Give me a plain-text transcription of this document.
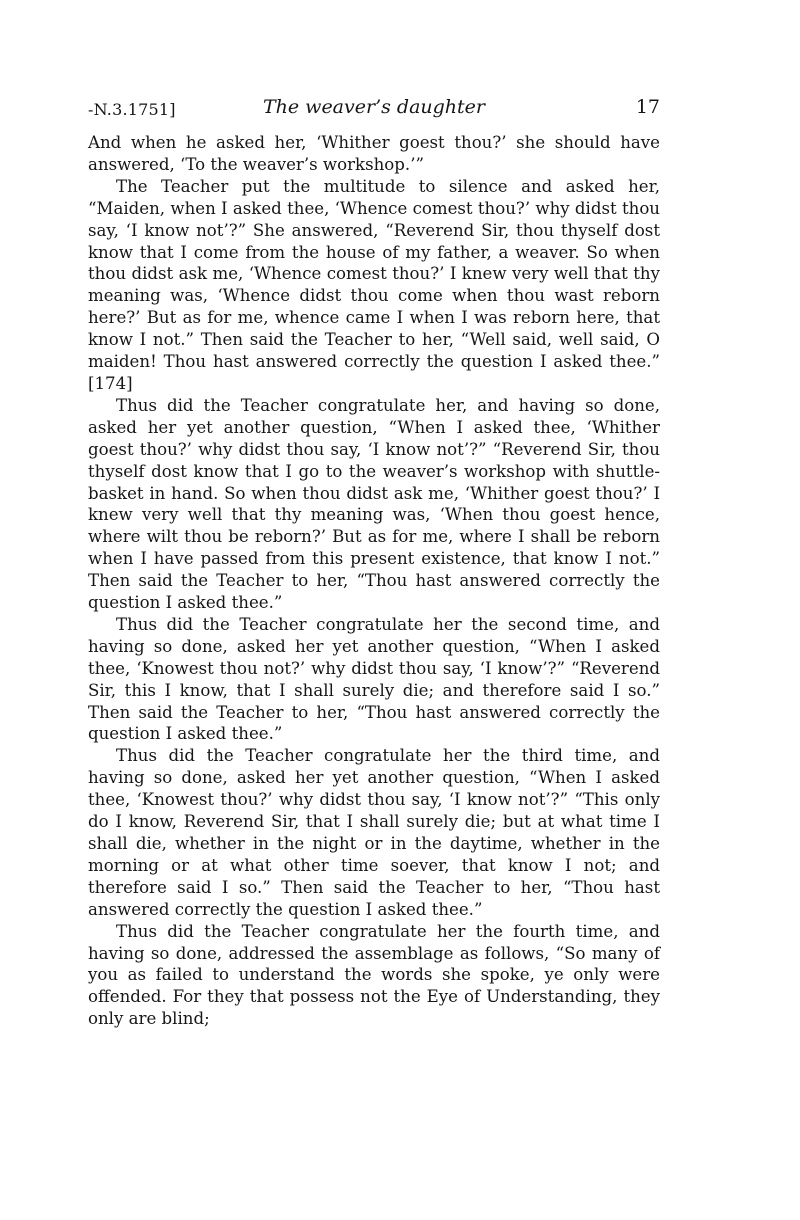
-N.3.1751]	The weaver’s daughter	17

And when he asked her, ‘Whither goest thou?’ she should have answered, ‘To the weaver’s workshop.’”

The Teacher put the multitude to silence and asked her, “Maiden, when I asked thee, ‘Whence comest thou?’ why didst thou say, ‘I know not’?” She answered, “Reverend Sir, thou thyself dost know that I come from the house of my father, a weaver. So when thou didst ask me, ‘Whence comest thou?’ I knew very well that thy meaning was, ‘Whence didst thou come when thou wast reborn here?’ But as for me, whence came I when I was reborn here, that know I not.” Then said the Teacher to her, “Well said, well said, O maiden! Thou hast answered correctly the question I asked thee.” [174]

Thus did the Teacher congratulate her, and having so done, asked her yet another question, “When I asked thee, ‘Whither goest thou?’ why didst thou say, ‘I know not’?” “Reverend Sir, thou thyself dost know that I go to the weaver’s workshop with shuttle-basket in hand. So when thou didst ask me, ‘Whither goest thou?’ I knew very well that thy meaning was, ‘When thou goest hence, where wilt thou be reborn?’ But as for me, where I shall be reborn when I have passed from this present existence, that know I not.” Then said the Teacher to her, “Thou hast answered correctly the question I asked thee.”

Thus did the Teacher congratulate her the second time, and having so done, asked her yet another question, “When I asked thee, ‘Knowest thou not?’ why didst thou say, ‘I know’?” “Reverend Sir, this I know, that I shall surely die; and therefore said I so.” Then said the Teacher to her, “Thou hast answered correctly the question I asked thee.”

Thus did the Teacher congratulate her the third time, and having so done, asked her yet another question, “When I asked thee, ‘Knowest thou?’ why didst thou say, ‘I know not’?” “This only do I know, Reverend Sir, that I shall surely die; but at what time I shall die, whether in the night or in the daytime, whether in the morning or at what other time soever, that know I not; and therefore said I so.” Then said the Teacher to her, “Thou hast answered correctly the question I asked thee.”

Thus did the Teacher congratulate her the fourth time, and having so done, addressed the assemblage as follows, “So many of you as failed to understand the words she spoke, ye only were offended. For they that possess not the Eye of Understanding, they only are blind;
